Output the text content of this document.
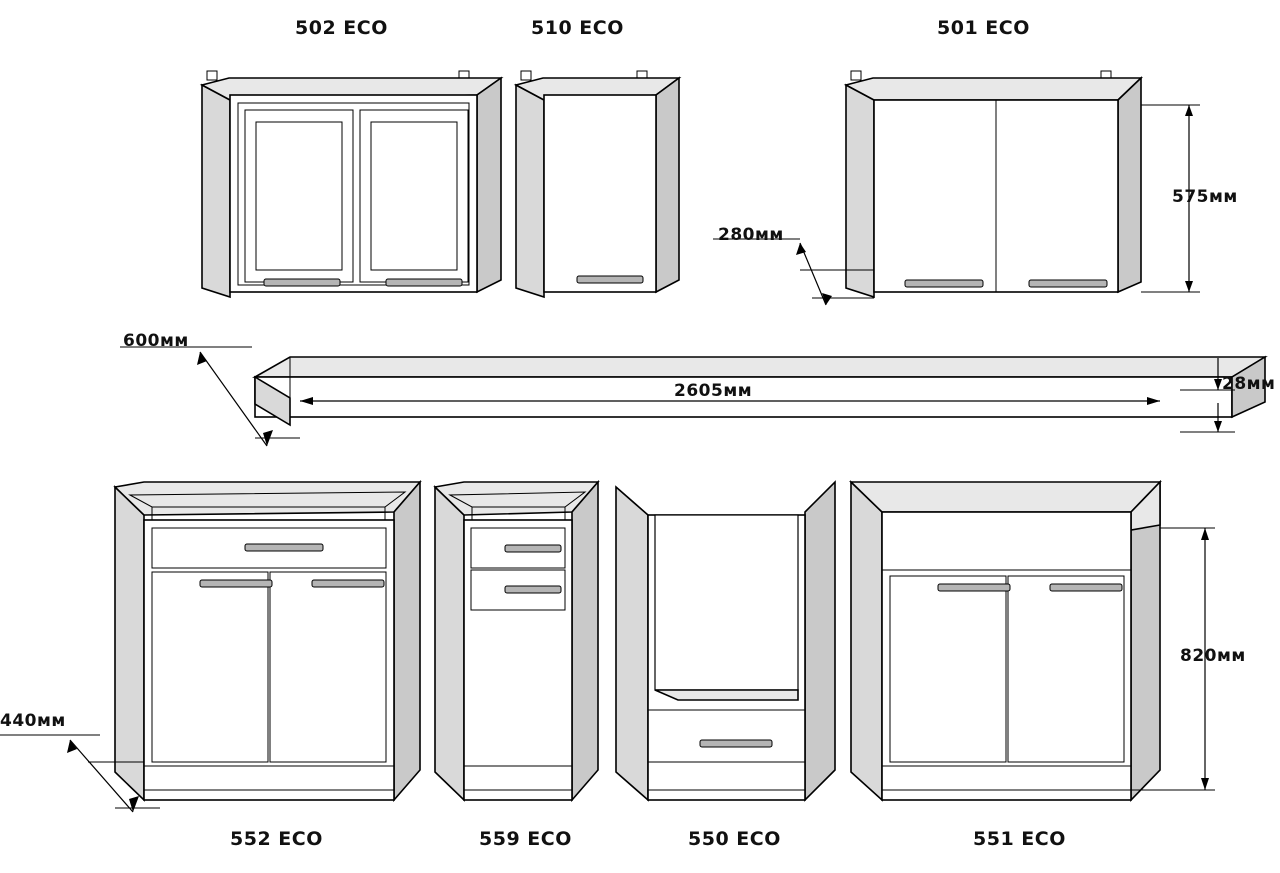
502 ECO	510 ECO	501 ECO
552 ECO	559 ECO	550 ECO	551 ECO
575мм
280мм
600мм
2605мм	28мм
820мм
440мм
